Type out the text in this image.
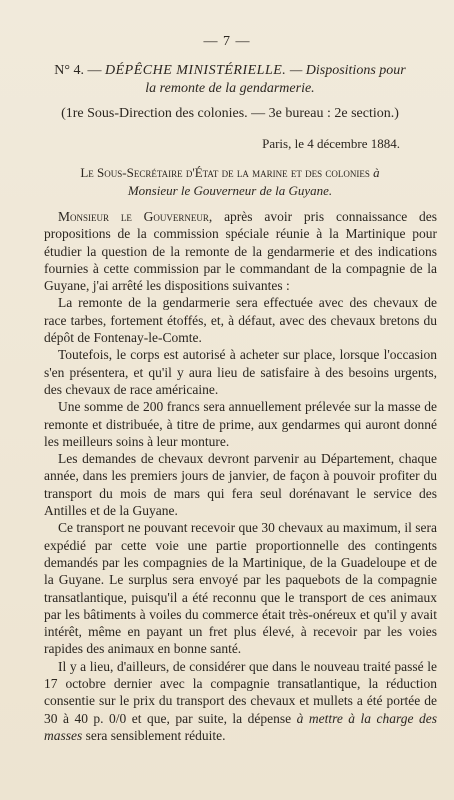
— 7 —
N° 4. — DÉPÊCHE MINISTÉRIELLE. — Dispositions pour
la remonte de la gendarmerie.
(1re Sous-Direction des colonies. — 3e bureau : 2e section.)
Paris, le 4 décembre 1884.
Le Sous-Secrétaire d'État de la marine et des colonies à
Monsieur le Gouverneur de la Guyane.

Monsieur le Gouverneur, après avoir pris connaissance des propositions de la commission spéciale réunie à la Martinique pour étudier la question de la remonte de la gendarmerie et des indications fournies à cette commission par le commandant de la compagnie de la Guyane, j'ai arrêté les dispositions suivantes :

La remonte de la gendarmerie sera effectuée avec des chevaux de race tarbes, fortement étoffés, et, à défaut, avec des chevaux bretons du dépôt de Fontenay-le-Comte.

Toutefois, le corps est autorisé à acheter sur place, lorsque l'occasion s'en présentera, et qu'il y aura lieu de satisfaire à des besoins urgents, des chevaux de race américaine.

Une somme de 200 francs sera annuellement prélevée sur la masse de remonte et distribuée, à titre de prime, aux gendarmes qui auront donné les meilleurs soins à leur monture.

Les demandes de chevaux devront parvenir au Département, chaque année, dans les premiers jours de janvier, de façon à pouvoir profiter du transport du mois de mars qui fera seul dorénavant le service des Antilles et de la Guyane.

Ce transport ne pouvant recevoir que 30 chevaux au maximum, il sera expédié par cette voie une partie proportionnelle des contingents demandés par les compagnies de la Martinique, de la Guadeloupe et de la Guyane. Le surplus sera envoyé par les paquebots de la compagnie transatlantique, puisqu'il a été reconnu que le transport de ces animaux par les bâtiments à voiles du commerce était très-onéreux et qu'il y avait intérêt, même en payant un fret plus élevé, à recevoir par les voies rapides des animaux en bonne santé.

Il y a lieu, d'ailleurs, de considérer que dans le nouveau traité passé le 17 octobre dernier avec la compagnie transatlantique, la réduction consentie sur le prix du transport des chevaux et mullets a été portée de 30 à 40 p. 0/0 et que, par suite, la dépense à mettre à la charge des masses sera sensiblement réduite.
